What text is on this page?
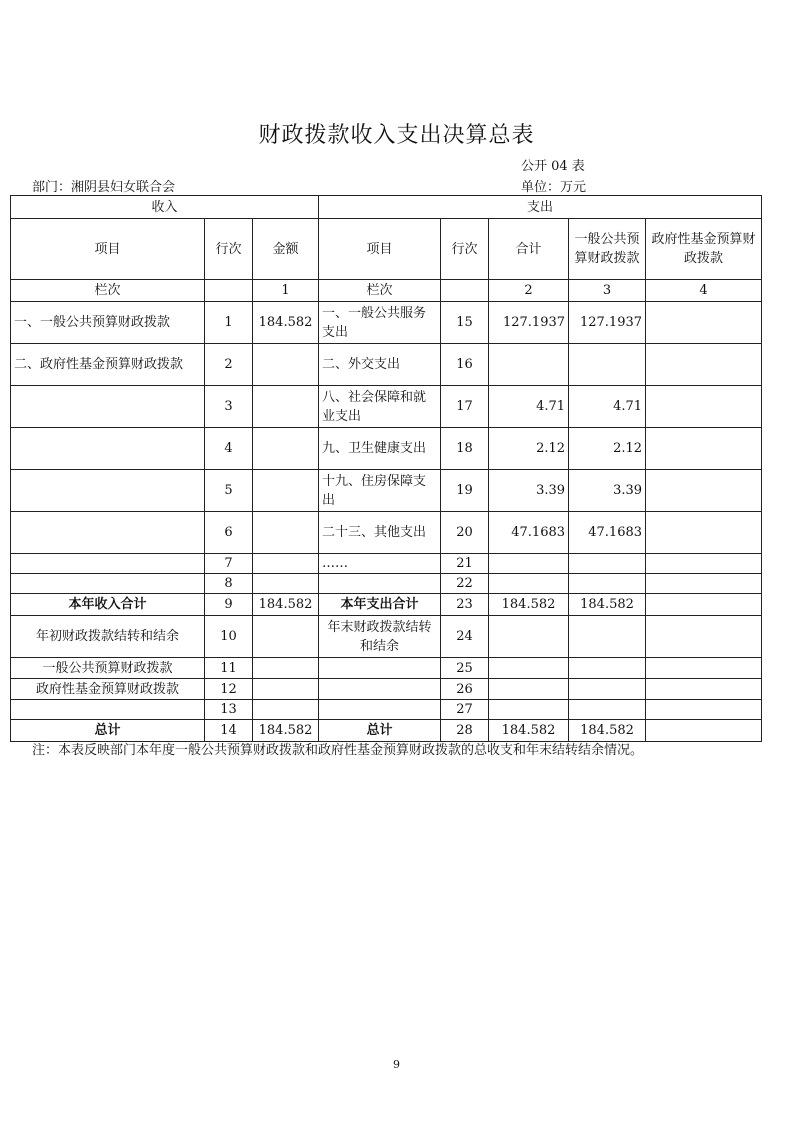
财政拨款收入支出决算总表
公开 04 表
部门：湘阴县妇女联合会	单位：万元
收入			支出				
项目	行次	金额	项目	行次	合计	一般公共预算财政拨款	政府性基金预算财政拨款
栏次		1	栏次		2	3	4
一、一般公共预算财政拨款	1	184.582	一、一般公共服务支出	15	127.1937	127.1937	
二、政府性基金预算财政拨款	2		二、外交支出	16			
	3		八、社会保障和就业支出	17	4.71	4.71	
	4		九、卫生健康支出	18	2.12	2.12	
	5		十九、住房保障支出	19	3.39	3.39	
	6		二十三、其他支出	20	47.1683	47.1683	
	7		……	21			
	8			22			
本年收入合计	9	184.582	本年支出合计	23	184.582	184.582	
年初财政拨款结转和结余	10		年末财政拨款结转和结余	24			
一般公共预算财政拨款	11			25			
政府性基金预算财政拨款	12			26			
	13			27			
总计	14	184.582	总计	28	184.582	184.582	
注：本表反映部门本年度一般公共预算财政拨款和政府性基金预算财政拨款的总收支和年末结转结余情况。
9
